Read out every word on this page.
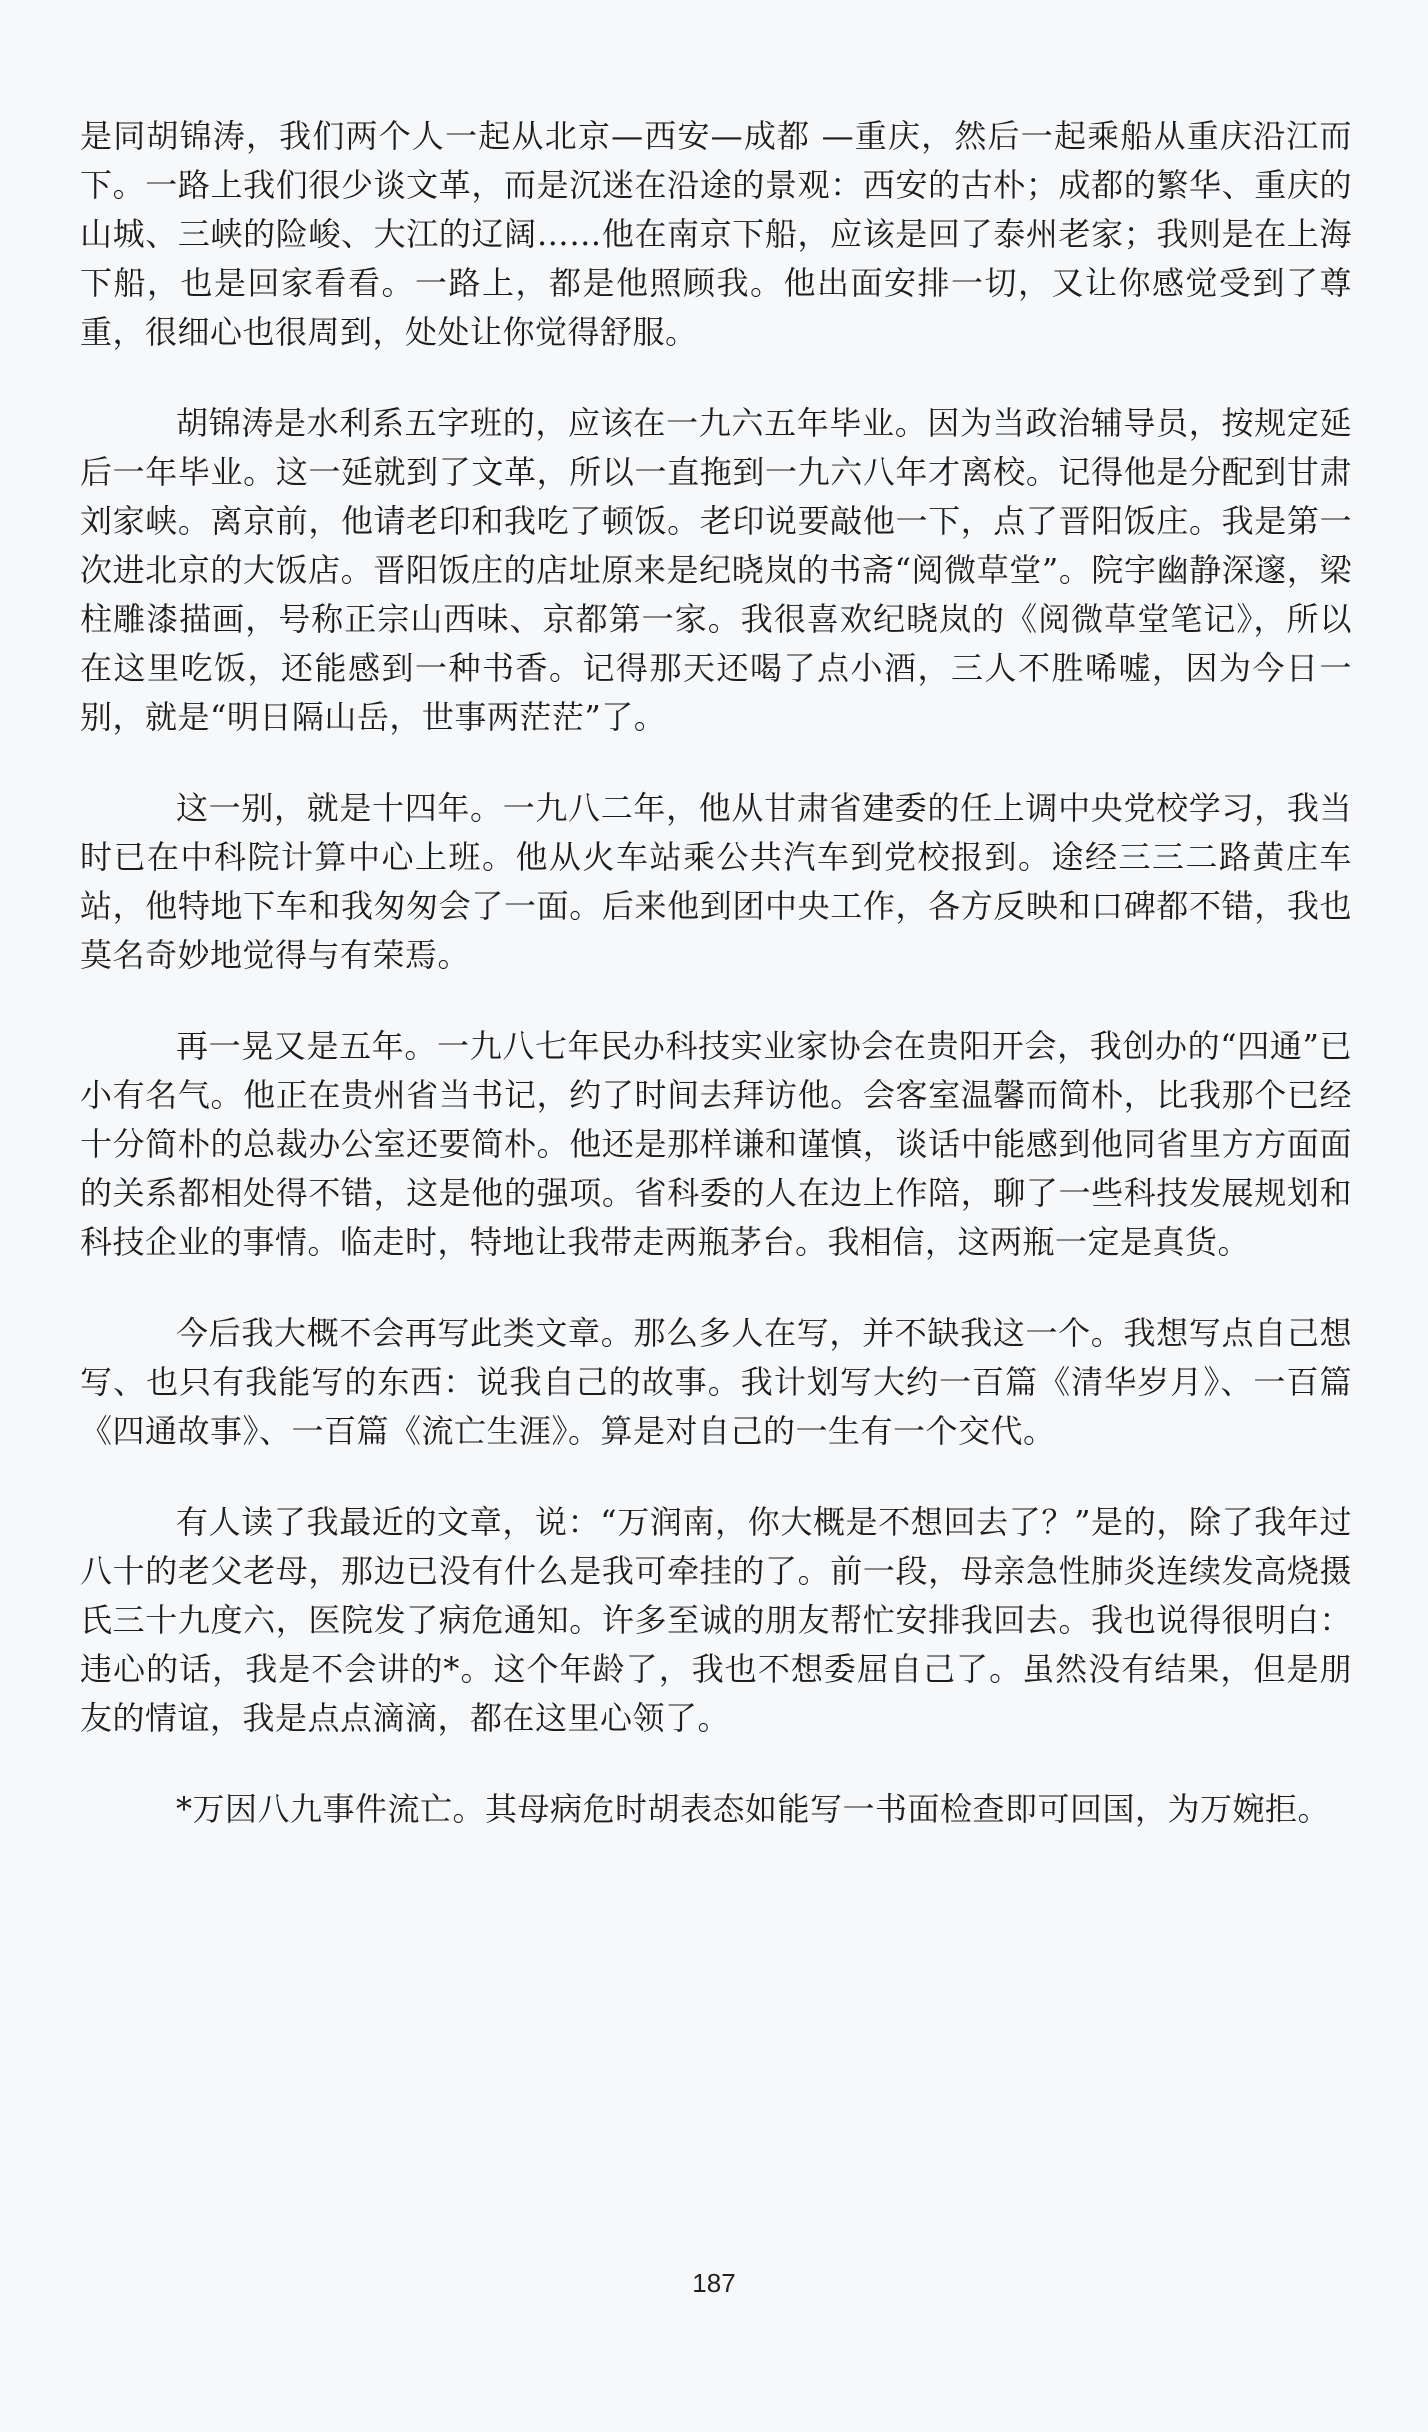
是同胡锦涛，我们两个人一起从北京—西安—成都 —重庆，然后一起乘船从重庆沿江而下。一路上我们很少谈文革，而是沉迷在沿途的景观：西安的古朴；成都的繁华、重庆的山城、三峡的险峻、大江的辽阔……他在南京下船，应该是回了泰州老家；我则是在上海下船，也是回家看看。一路上，都是他照顾我。他出面安排一切，又让你感觉受到了尊重，很细心也很周到，处处让你觉得舒服。

胡锦涛是水利系五字班的，应该在一九六五年毕业。因为当政治辅导员，按规定延后一年毕业。这一延就到了文革，所以一直拖到一九六八年才离校。记得他是分配到甘肃刘家峡。离京前，他请老印和我吃了顿饭。老印说要敲他一下，点了晋阳饭庄。我是第一次进北京的大饭店。晋阳饭庄的店址原来是纪晓岚的书斋“阅微草堂”。院宇幽静深邃，梁柱雕漆描画，号称正宗山西味、京都第一家。我很喜欢纪晓岚的《阅微草堂笔记》，所以在这里吃饭，还能感到一种书香。记得那天还喝了点小酒，三人不胜唏嘘，因为今日一别，就是“明日隔山岳，世事两茫茫”了。

这一别，就是十四年。一九八二年，他从甘肃省建委的任上调中央党校学习，我当时已在中科院计算中心上班。他从火车站乘公共汽车到党校报到。途经三三二路黄庄车站，他特地下车和我匆匆会了一面。后来他到团中央工作，各方反映和口碑都不错，我也莫名奇妙地觉得与有荣焉。

再一晃又是五年。一九八七年民办科技实业家协会在贵阳开会，我创办的“四通”已小有名气。他正在贵州省当书记，约了时间去拜访他。会客室温馨而简朴，比我那个已经十分简朴的总裁办公室还要简朴。他还是那样谦和谨慎，谈话中能感到他同省里方方面面的关系都相处得不错，这是他的强项。省科委的人在边上作陪，聊了一些科技发展规划和科技企业的事情。临走时，特地让我带走两瓶茅台。我相信，这两瓶一定是真货。

今后我大概不会再写此类文章。那么多人在写，并不缺我这一个。我想写点自己想写、也只有我能写的东西：说我自己的故事。我计划写大约一百篇《清华岁月》、一百篇《四通故事》、一百篇《流亡生涯》。算是对自己的一生有一个交代。

有人读了我最近的文章，说：“万润南，你大概是不想回去了？”是的，除了我年过八十的老父老母，那边已没有什么是我可牵挂的了。前一段，母亲急性肺炎连续发高烧摄氏三十九度六，医院发了病危通知。许多至诚的朋友帮忙安排我回去。我也说得很明白：违心的话，我是不会讲的*。这个年龄了，我也不想委屈自己了。虽然没有结果，但是朋友的情谊，我是点点滴滴，都在这里心领了。

*万因八九事件流亡。其母病危时胡表态如能写一书面检查即可回国，为万婉拒。

187
